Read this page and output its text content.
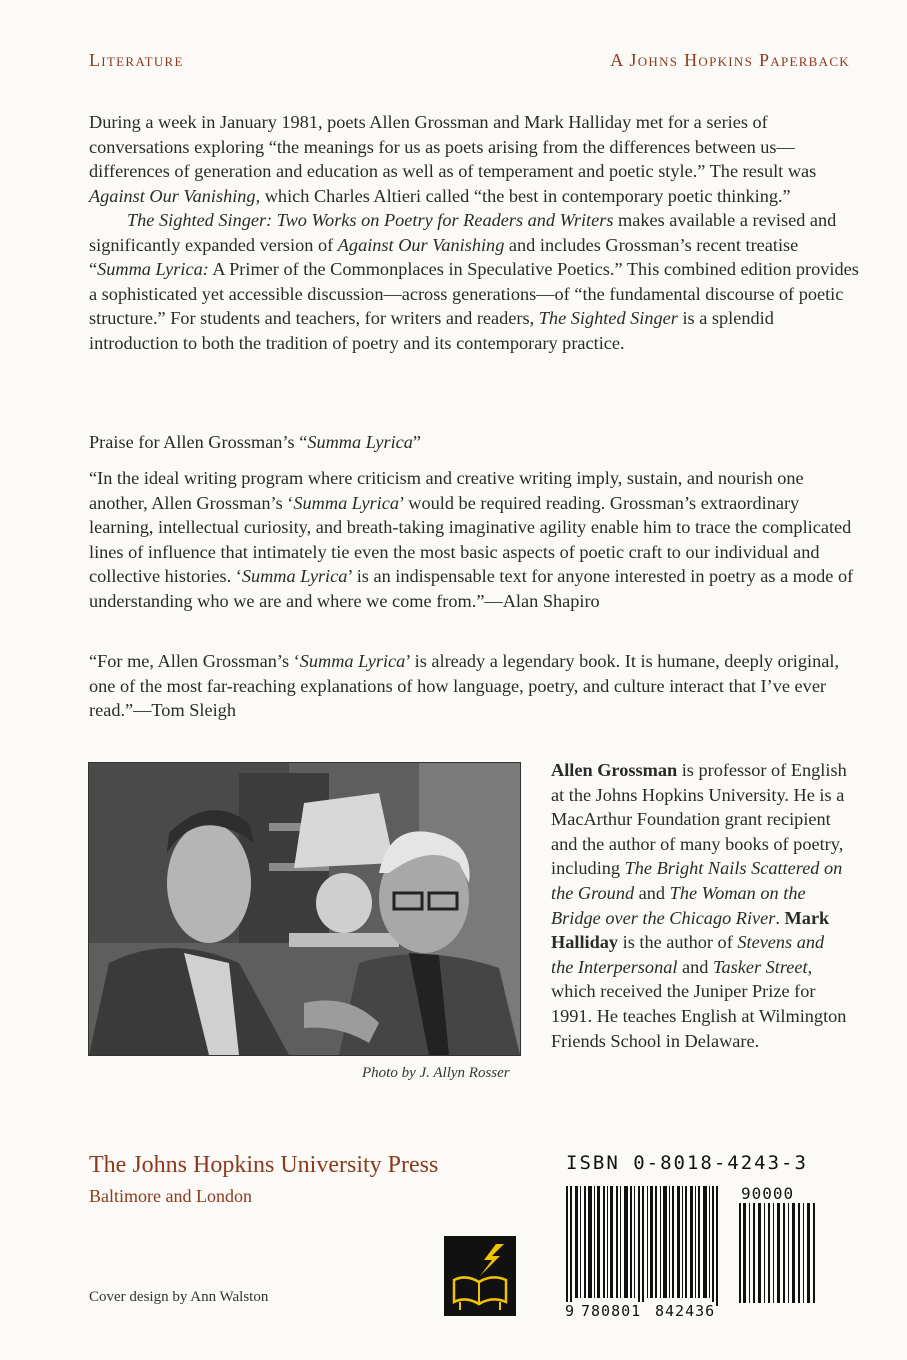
Literature	A Johns Hopkins Paperback

During a week in January 1981, poets Allen Grossman and Mark Halliday met for a series of conversations exploring “the meanings for us as poets arising from the differences between us—differences of generation and education as well as of temperament and poetic style.” The result was Against Our Vanishing, which Charles Altieri called “the best in contemporary poetic thinking.”

The Sighted Singer: Two Works on Poetry for Readers and Writers makes available a revised and significantly expanded version of Against Our Vanishing and includes Grossman’s recent treatise “Summa Lyrica: A Primer of the Commonplaces in Speculative Poetics.” This combined edition provides a sophisticated yet accessible discussion—across generations—of “the fundamental discourse of poetic structure.” For students and teachers, for writers and readers, The Sighted Singer is a splendid introduction to both the tradition of poetry and its contemporary practice.

Praise for Allen Grossman’s “Summa Lyrica”
“In the ideal writing program where criticism and creative writing imply, sustain, and nourish one another, Allen Grossman’s ‘Summa Lyrica’ would be required reading. Grossman’s extraordinary learning, intellectual curiosity, and breath-taking imaginative agility enable him to trace the complicated lines of influence that intimately tie even the most basic aspects of poetic craft to our individual and collective histories. ‘Summa Lyrica’ is an indispensable text for anyone interested in poetry as a mode of understanding who we are and where we come from.”—Alan Shapiro
“For me, Allen Grossman’s ‘Summa Lyrica’ is already a legendary book. It is humane, deeply original, one of the most far-reaching explanations of how language, poetry, and culture interact that I’ve ever read.”—Tom Sleigh
Photo by J. Allyn Rosser
Allen Grossman is professor of English at the Johns Hopkins University. He is a MacArthur Foundation grant recipient and the author of many books of poetry, including The Bright Nails Scattered on the Ground and The Woman on the Bridge over the Chicago River. Mark Halliday is the author of Stevens and the Interpersonal and Tasker Street, which received the Juniper Prize for 1991. He teaches English at Wilmington Friends School in Delaware.
The Johns Hopkins University Press
Baltimore and London
Cover design by Ann Walston
ISBN 0-8018-4243-3
90000
9 780801 842436
